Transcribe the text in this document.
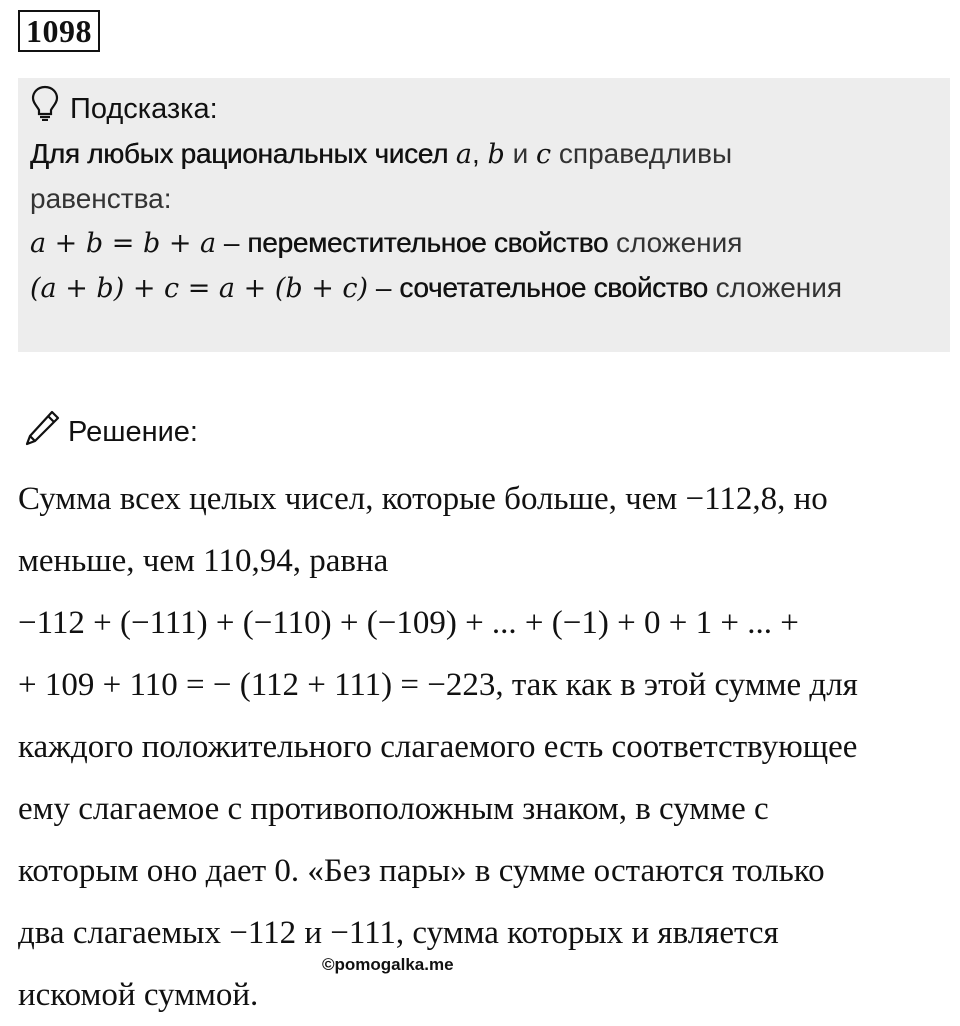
1098
Подсказка:
Для любых рациональных чисел a, b и c справедливы
равенства:
a + b = b + a – переместительное свойство сложения
(a + b) + c = a + (b + c) – сочетательное свойство сложения
Решение:
Сумма всех целых чисел, которые больше, чем −112,8, но
меньше, чем 110,94, равна
−112 + (−111) + (−110) + (−109) + ... + (−1) + 0 + 1 + ... +
+ 109 + 110 = − (112 + 111) = −223, так как в этой сумме для
каждого положительного слагаемого есть соответствующее
ему слагаемое с противоположным знаком, в сумме с
которым оно дает 0. «Без пары» в сумме остаются только
два слагаемых −112 и −111, сумма которых и является
искомой суммой.
©pomogalka.me
